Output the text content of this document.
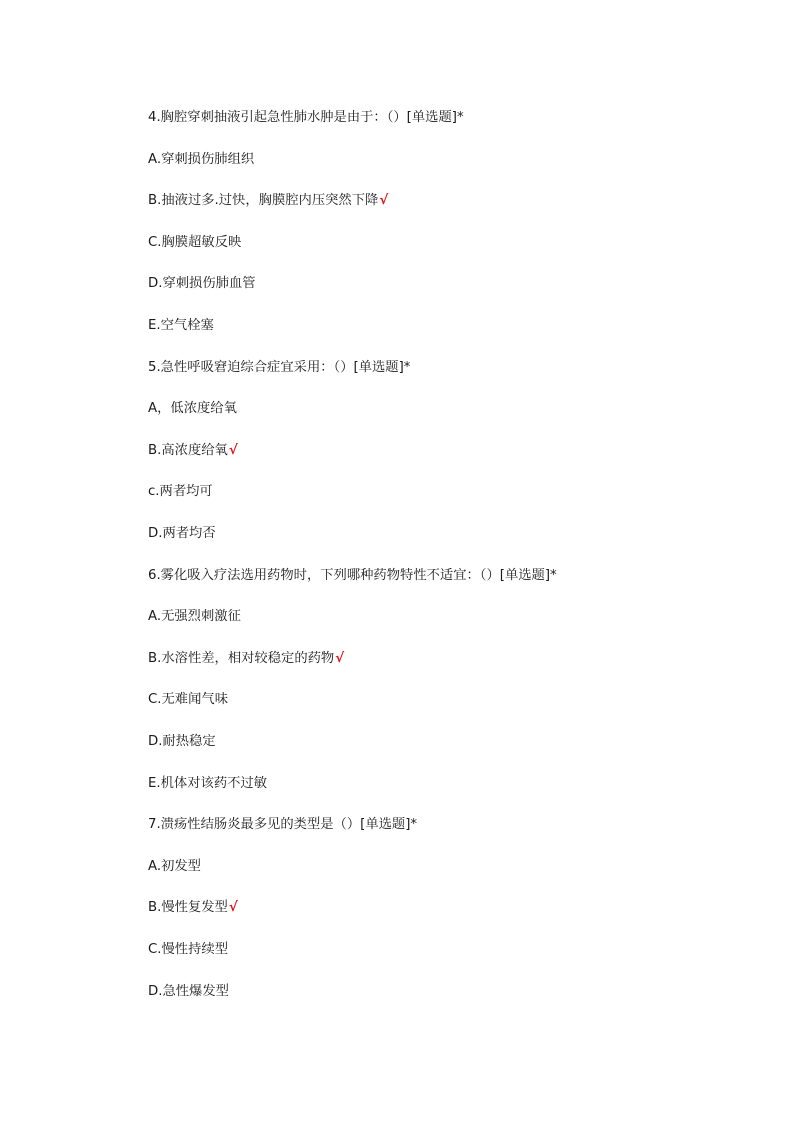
4.胸腔穿刺抽液引起急性肺水肿是由于：（）[单选题]*
A.穿刺损伤肺组织
B.抽液过多.过快，胸膜腔内压突然下降√
C.胸膜超敏反映
D.穿刺损伤肺血管
E.空气栓塞
5.急性呼吸窘迫综合症宜采用：（）[单选题]*
A，低浓度给氧
B.高浓度给氧√
c.两者均可
D.两者均否
6.雾化吸入疗法选用药物时，下列哪种药物特性不适宜：（）[单选题]*
A.无强烈刺激征
B.水溶性差，相对较稳定的药物√
C.无难闻气味
D.耐热稳定
E.机体对该药不过敏
7.溃疡性结肠炎最多见的类型是（）[单选题]*
A.初发型
B.慢性复发型√
C.慢性持续型
D.急性爆发型
